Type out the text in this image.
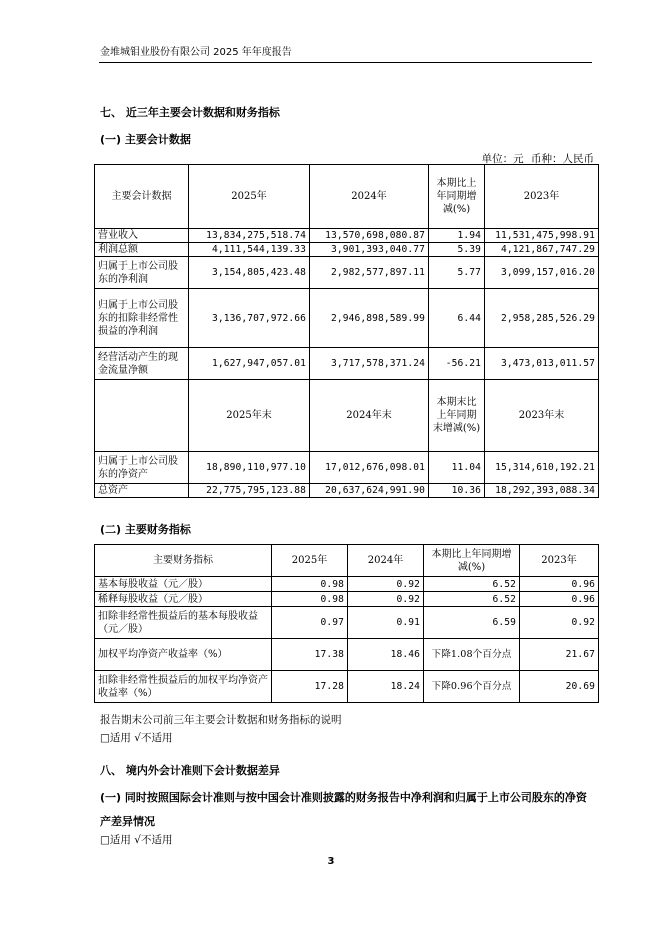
金堆城钼业股份有限公司 2025 年年度报告
七、 近三年主要会计数据和财务指标
(一) 主要会计数据
单位：元 币种：人民币
主要会计数据	2025年	2024年	本期比上年同期增减(%)	2023年
营业收入	13,834,275,518.74	13,570,698,080.87	1.94	11,531,475,998.91
利润总额	4,111,544,139.33	3,901,393,040.77	5.39	4,121,867,747.29
归属于上市公司股东的净利润	3,154,805,423.48	2,982,577,897.11	5.77	3,099,157,016.20
归属于上市公司股东的扣除非经常性损益的净利润	3,136,707,972.66	2,946,898,589.99	6.44	2,958,285,526.29
经营活动产生的现金流量净额	1,627,947,057.01	3,717,578,371.24	-56.21	3,473,013,011.57
	2025年末	2024年末	本期末比上年同期末增减(%)	2023年末
归属于上市公司股东的净资产	18,890,110,977.10	17,012,676,098.01	11.04	15,314,610,192.21
总资产	22,775,795,123.88	20,637,624,991.90	10.36	18,292,393,088.34
(二) 主要财务指标
主要财务指标	2025年	2024年	本期比上年同期增减(%)	2023年
基本每股收益（元／股）	0.98	0.92	6.52	0.96
稀释每股收益（元／股）	0.98	0.92	6.52	0.96
扣除非经常性损益后的基本每股收益（元／股）	0.97	0.91	6.59	0.92
加权平均净资产收益率（%）	17.38	18.46	下降1.08个百分点	21.67
扣除非经常性损益后的加权平均净资产收益率（%）	17.28	18.24	下降0.96个百分点	20.69
报告期末公司前三年主要会计数据和财务指标的说明
□适用 √不适用
八、 境内外会计准则下会计数据差异
(一) 同时按照国际会计准则与按中国会计准则披露的财务报告中净利润和归属于上市公司股东的净资产差异情况
□适用 √不适用
3
